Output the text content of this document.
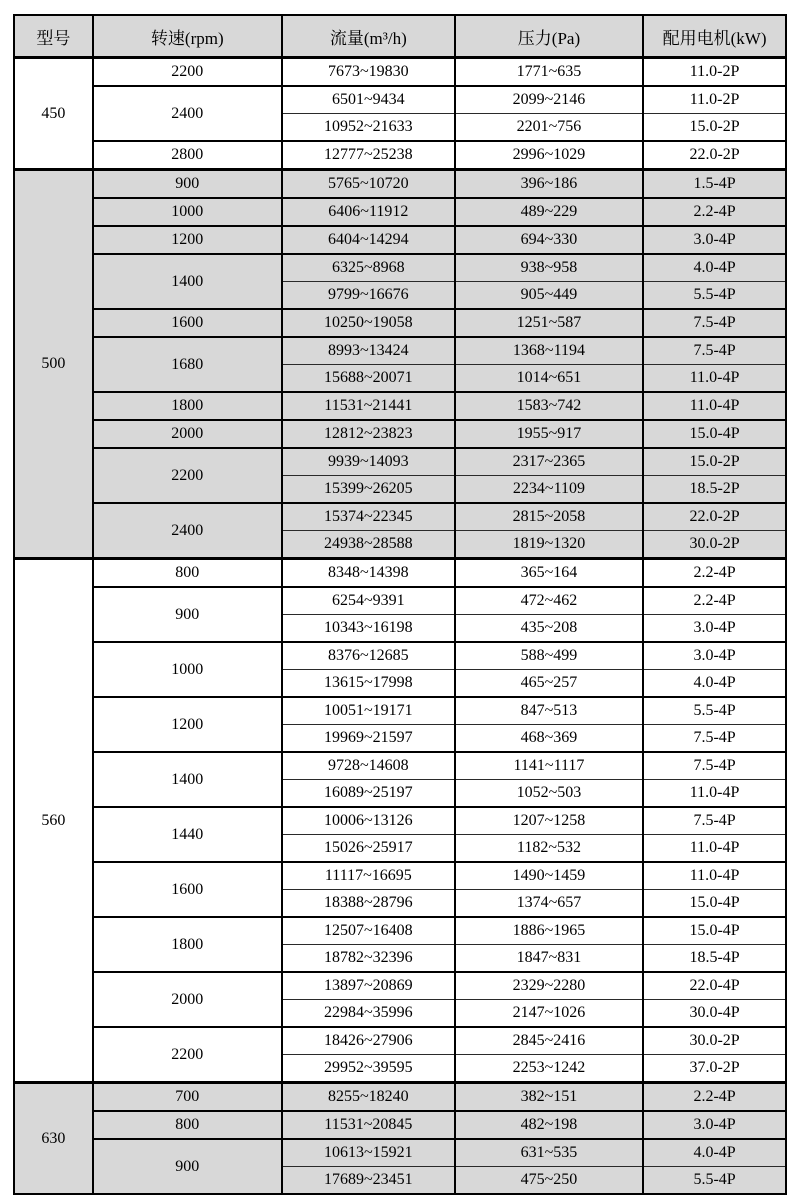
型号	转速(rpm)	流量(m³/h)	压力(Pa)	配用电机(kW)
450	2200	7673~19830	1771~635	11.0-2P
	2400	6501~9434	2099~2146	11.0-2P
		10952~21633	2201~756	15.0-2P
	2800	12777~25238	2996~1029	22.0-2P
500	900	5765~10720	396~186	1.5-4P
	1000	6406~11912	489~229	2.2-4P
	1200	6404~14294	694~330	3.0-4P
	1400	6325~8968	938~958	4.0-4P
		9799~16676	905~449	5.5-4P
	1600	10250~19058	1251~587	7.5-4P
	1680	8993~13424	1368~1194	7.5-4P
		15688~20071	1014~651	11.0-4P
	1800	11531~21441	1583~742	11.0-4P
	2000	12812~23823	1955~917	15.0-4P
	2200	9939~14093	2317~2365	15.0-2P
		15399~26205	2234~1109	18.5-2P
	2400	15374~22345	2815~2058	22.0-2P
		24938~28588	1819~1320	30.0-2P
560	800	8348~14398	365~164	2.2-4P
	900	6254~9391	472~462	2.2-4P
		10343~16198	435~208	3.0-4P
	1000	8376~12685	588~499	3.0-4P
		13615~17998	465~257	4.0-4P
	1200	10051~19171	847~513	5.5-4P
		19969~21597	468~369	7.5-4P
	1400	9728~14608	1141~1117	7.5-4P
		16089~25197	1052~503	11.0-4P
	1440	10006~13126	1207~1258	7.5-4P
		15026~25917	1182~532	11.0-4P
	1600	11117~16695	1490~1459	11.0-4P
		18388~28796	1374~657	15.0-4P
	1800	12507~16408	1886~1965	15.0-4P
		18782~32396	1847~831	18.5-4P
	2000	13897~20869	2329~2280	22.0-4P
		22984~35996	2147~1026	30.0-4P
	2200	18426~27906	2845~2416	30.0-2P
		29952~39595	2253~1242	37.0-2P
630	700	8255~18240	382~151	2.2-4P
	800	11531~20845	482~198	3.0-4P
	900	10613~15921	631~535	4.0-4P
		17689~23451	475~250	5.5-4P
